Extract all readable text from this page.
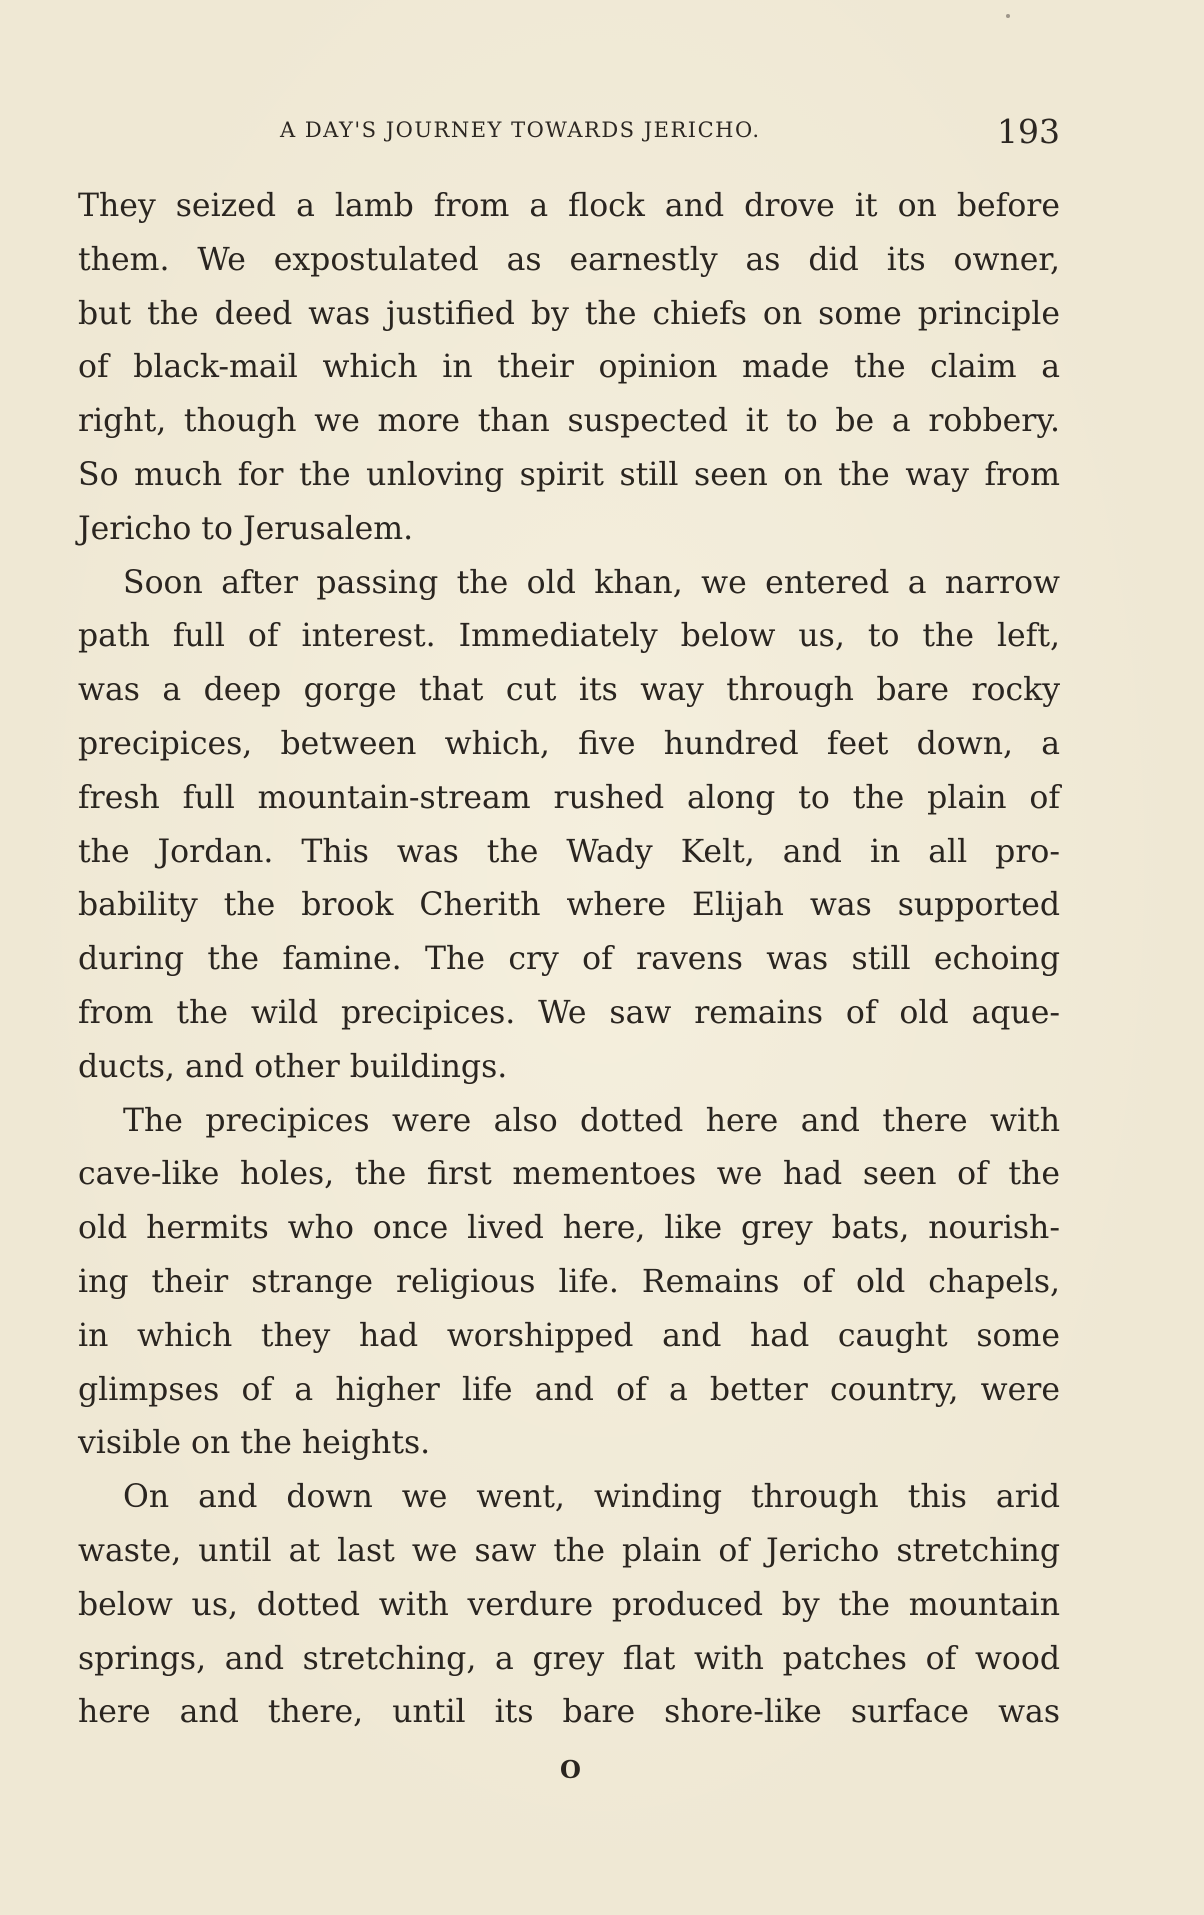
A DAY'S JOURNEY TOWARDS JERICHO.	193
They seized a lamb from a flock and drove it on before
them. We expostulated as earnestly as did its owner,
but the deed was justified by the chiefs on some principle
of black-mail which in their opinion made the claim a
right, though we more than suspected it to be a robbery.
So much for the unloving spirit still seen on the way from
Jericho to Jerusalem.
Soon after passing the old khan, we entered a narrow
path full of interest. Immediately below us, to the left,
was a deep gorge that cut its way through bare rocky
precipices, between which, five hundred feet down, a
fresh full mountain-stream rushed along to the plain of
the Jordan. This was the Wady Kelt, and in all pro-
bability the brook Cherith where Elijah was supported
during the famine. The cry of ravens was still echoing
from the wild precipices. We saw remains of old aque-
ducts, and other buildings.
The precipices were also dotted here and there with
cave-like holes, the first mementoes we had seen of the
old hermits who once lived here, like grey bats, nourish-
ing their strange religious life. Remains of old chapels,
in which they had worshipped and had caught some
glimpses of a higher life and of a better country, were
visible on the heights.
On and down we went, winding through this arid
waste, until at last we saw the plain of Jericho stretching
below us, dotted with verdure produced by the mountain
springs, and stretching, a grey flat with patches of wood
here and there, until its bare shore-like surface was
O
